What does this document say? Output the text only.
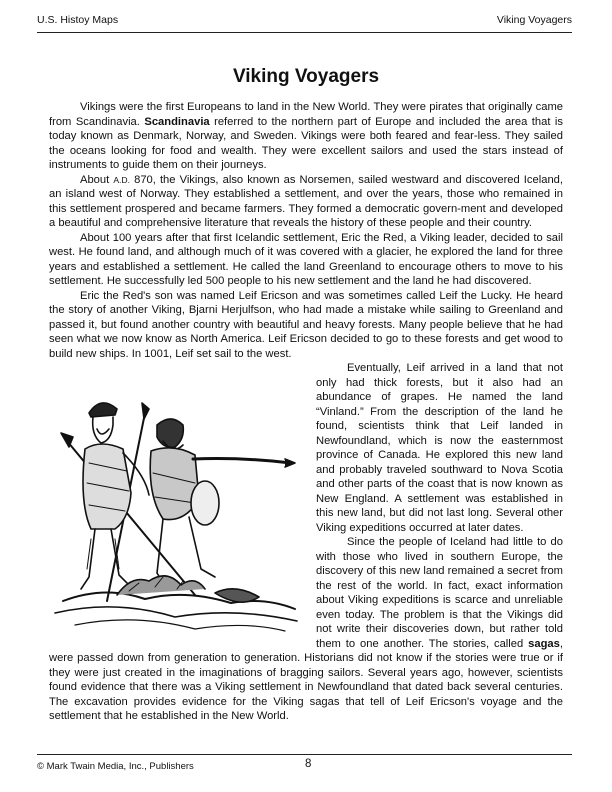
U.S. Histoy Maps	Viking Voyagers
Viking Voyagers

Vikings were the first Europeans to land in the New World. They were pirates that originally came from Scandinavia. Scandinavia referred to the northern part of Europe and included the area that is today known as Denmark, Norway, and Sweden. Vikings were both feared and fear-less. They sailed the oceans looking for food and wealth. They were excellent sailors and used the stars instead of instruments to guide them on their journeys.

About A.D. 870, the Vikings, also known as Norsemen, sailed westward and discovered Iceland, an island west of Norway. They established a settlement, and over the years, those who remained in this settlement prospered and became farmers. They formed a democratic govern-ment and developed a beautiful and comprehensive literature that reveals the history of these people and their country.

About 100 years after that first Icelandic settlement, Eric the Red, a Viking leader, decided to sail west. He found land, and although much of it was covered with a glacier, he explored the land for three years and established a settlement. He called the land Greenland to encourage others to move to his settlement. He successfully led 500 people to his new settlement and the land he had discovered.

Eric the Red's son was named Leif Ericson and was sometimes called Leif the Lucky. He heard the story of another Viking, Bjarni Herjulfson, who had made a mistake while sailing to Greenland and passed it, but found another country with beautiful and heavy forests. Many people believe that he had seen what we now know as North America. Leif Ericson decided to go to these forests and get wood to build new ships. In 1001, Leif set sail to the west.

Eventually, Leif arrived in a land that not only had thick forests, but it also had an abundance of grapes. He named the land “Vinland.” From the description of the land he found, scientists think that Leif landed in Newfoundland, which is now the easternmost province of Canada. He explored this new land and probably traveled southward to Nova Scotia and other parts of the coast that is now known as New England. A settlement was established in this new land, but did not last long. Several other Viking expeditions occurred at later dates.

Since the people of Iceland had little to do with those who lived in southern Europe, the discovery of this new land remained a secret from the rest of the world. In fact, exact information about Viking expeditions is scarce and unreliable even today. The problem is that the Vikings did not write their discoveries down, but rather told them to one another. The stories, called sagas, were passed down from generation to generation. Historians did not know if the stories were true or if they were just created in the imaginations of bragging sailors. Several years ago, however, scientists found evidence that there was a Viking settlement in Newfoundland that dated back several centuries. The excavation provides evidence for the Viking sagas that tell of Leif Ericson's voyage and the settlement that he established in the New World.

© Mark Twain Media, Inc., Publishers	8
